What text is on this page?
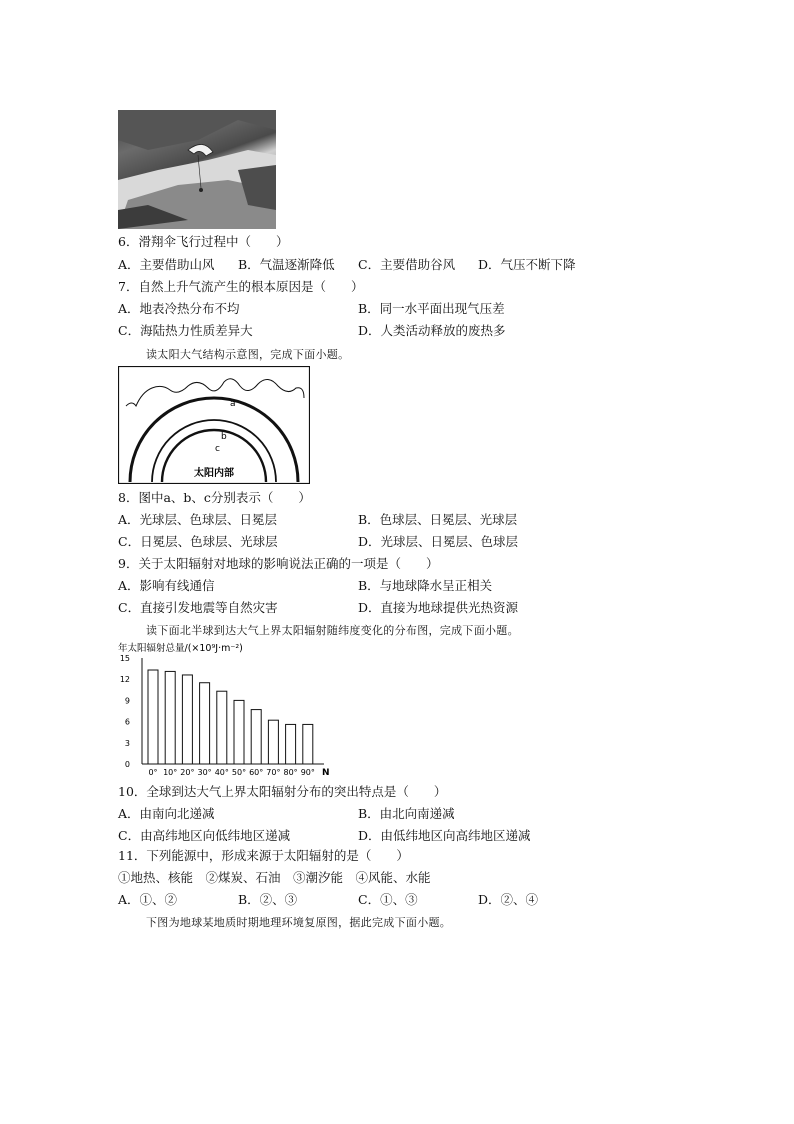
6．滑翔伞飞行过程中（　　）
A．主要借助山风 B．气温逐渐降低 C．主要借助谷风 D．气压不断下降
7．自然上升气流产生的根本原因是（　　）
A．地表冷热分布不均	B．同一水平面出现气压差
C．海陆热力性质差异大	D．人类活动释放的废热多
读太阳大气结构示意图，完成下面小题。
a
b
c
太阳内部
8．图中a、b、c分别表示（　　）
A．光球层、色球层、日冕层	B．色球层、日冕层、光球层
C．日冕层、色球层、光球层	D．光球层、日冕层、色球层
9．关于太阳辐射对地球的影响说法正确的一项是（　　）
A．影响有线通信	B．与地球降水呈正相关
C．直接引发地震等自然灾害	D．直接为地球提供光热资源
读下面北半球到达大气上界太阳辐射随纬度变化的分布图，完成下面小题。
年太阳辐射总量/(×10⁹J·m⁻²)
15
12
9
6
3
0
0° 10° 20° 30° 40° 50° 60° 70° 80° 90° N
10．全球到达大气上界太阳辐射分布的突出特点是（　　）
A．由南向北递减	B．由北向南递减
C．由高纬地区向低纬地区递减	D．由低纬地区向高纬地区递减
11．下列能源中，形成来源于太阳辐射的是（　　）
①地热、核能　②煤炭、石油　③潮汐能　④风能、水能
A．①、②	B．②、③	C．①、③	D．②、④
下图为地球某地质时期地理环境复原图，据此完成下面小题。
